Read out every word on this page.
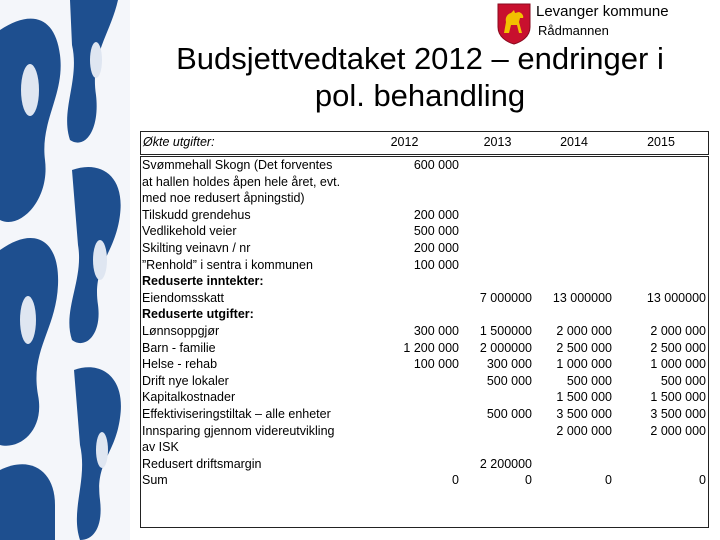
Levanger kommune
Rådmannen
Budsjettvedtaket 2012 – endringer i
pol. behandling
Økte utgifter:	2012	2013	2014	2015

Svømmehall Skogn (Det forventes at hallen holdes åpen hele året, evt. med noe redusert åpningstid)	600 000			
Tilskudd grendehus	200 000			
Vedlikehold veier	500 000			
Skilting veinavn / nr	200 000			
”Renhold” i sentra i kommunen	100 000			
Reduserte inntekter:				
Eiendomsskatt		7 000000	13 000000	13 000000
Reduserte utgifter:				
Lønnsoppgjør	300 000	1 500000	2 000 000	2 000 000
Barn - familie	1 200 000	2 000000	2 500 000	2 500 000
Helse - rehab	100 000	300 000	1 000 000	1 000 000
Drift nye lokaler		500 000	500 000	500 000
Kapitalkostnader			1 500 000	1 500 000
Effektiviseringstiltak – alle enheter		500 000	3 500 000	3 500 000
Innsparing gjennom videreutvikling av ISK			2 000 000	2 000 000
Redusert driftsmargin		2 200000		
Sum	0	0	0	0
